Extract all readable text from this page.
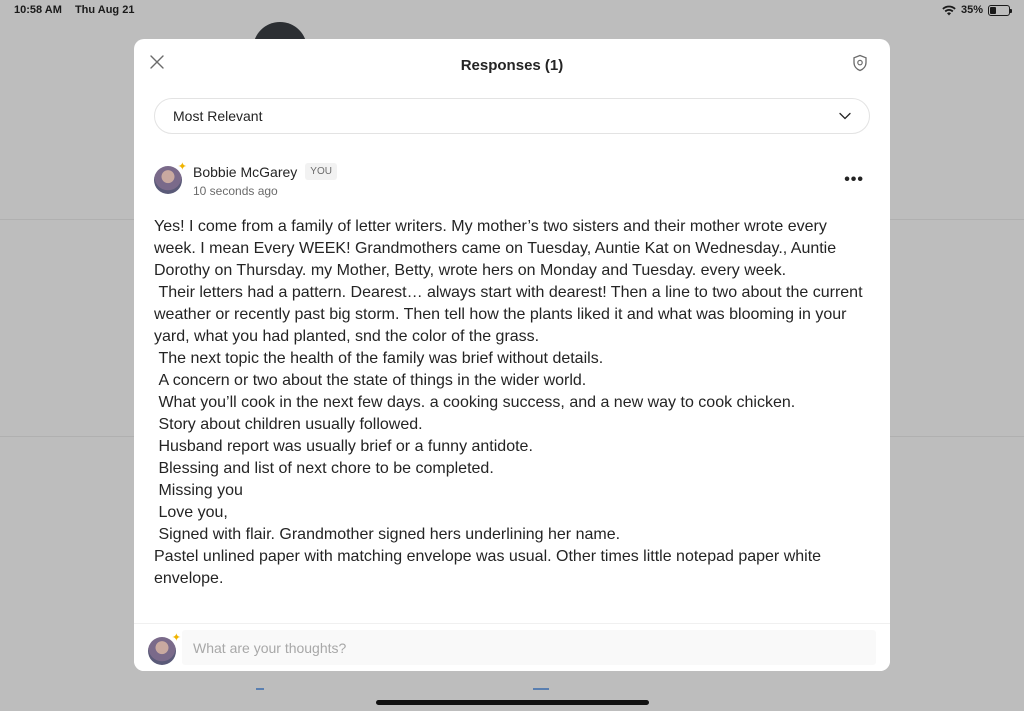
10:58 AM Thu Aug 21	35%
Responses (1)
Most Relevant
✦ Bobbie McGarey	YOU
10 seconds ago
•••

Yes! I come from a family of letter writers. My mother’s two sisters and their mother wrote every week. I mean Every WEEK! Grandmothers came on Tuesday, Auntie Kat on Wednesday., Auntie Dorothy on Thursday. my Mother, Betty, wrote hers on Monday and Tuesday. every week.

Their letters had a pattern. Dearest… always start with dearest! Then a line to two about the current weather or recently past big storm. Then tell how the plants liked it and what was blooming in your yard, what you had planted, snd the color of the grass.

The next topic the health of the family was brief without details.

A concern or two about the state of things in the wider world.

What you’ll cook in the next few days. a cooking success, and a new way to cook chicken.

Story about children usually followed.

Husband report was usually brief or a funny antidote.

Blessing and list of next chore to be completed.

Missing you

Love you,

Signed with flair. Grandmother signed hers underlining her name.

Pastel unlined paper with matching envelope was usual. Other times little notepad paper white envelope.

✦
What are your thoughts?
